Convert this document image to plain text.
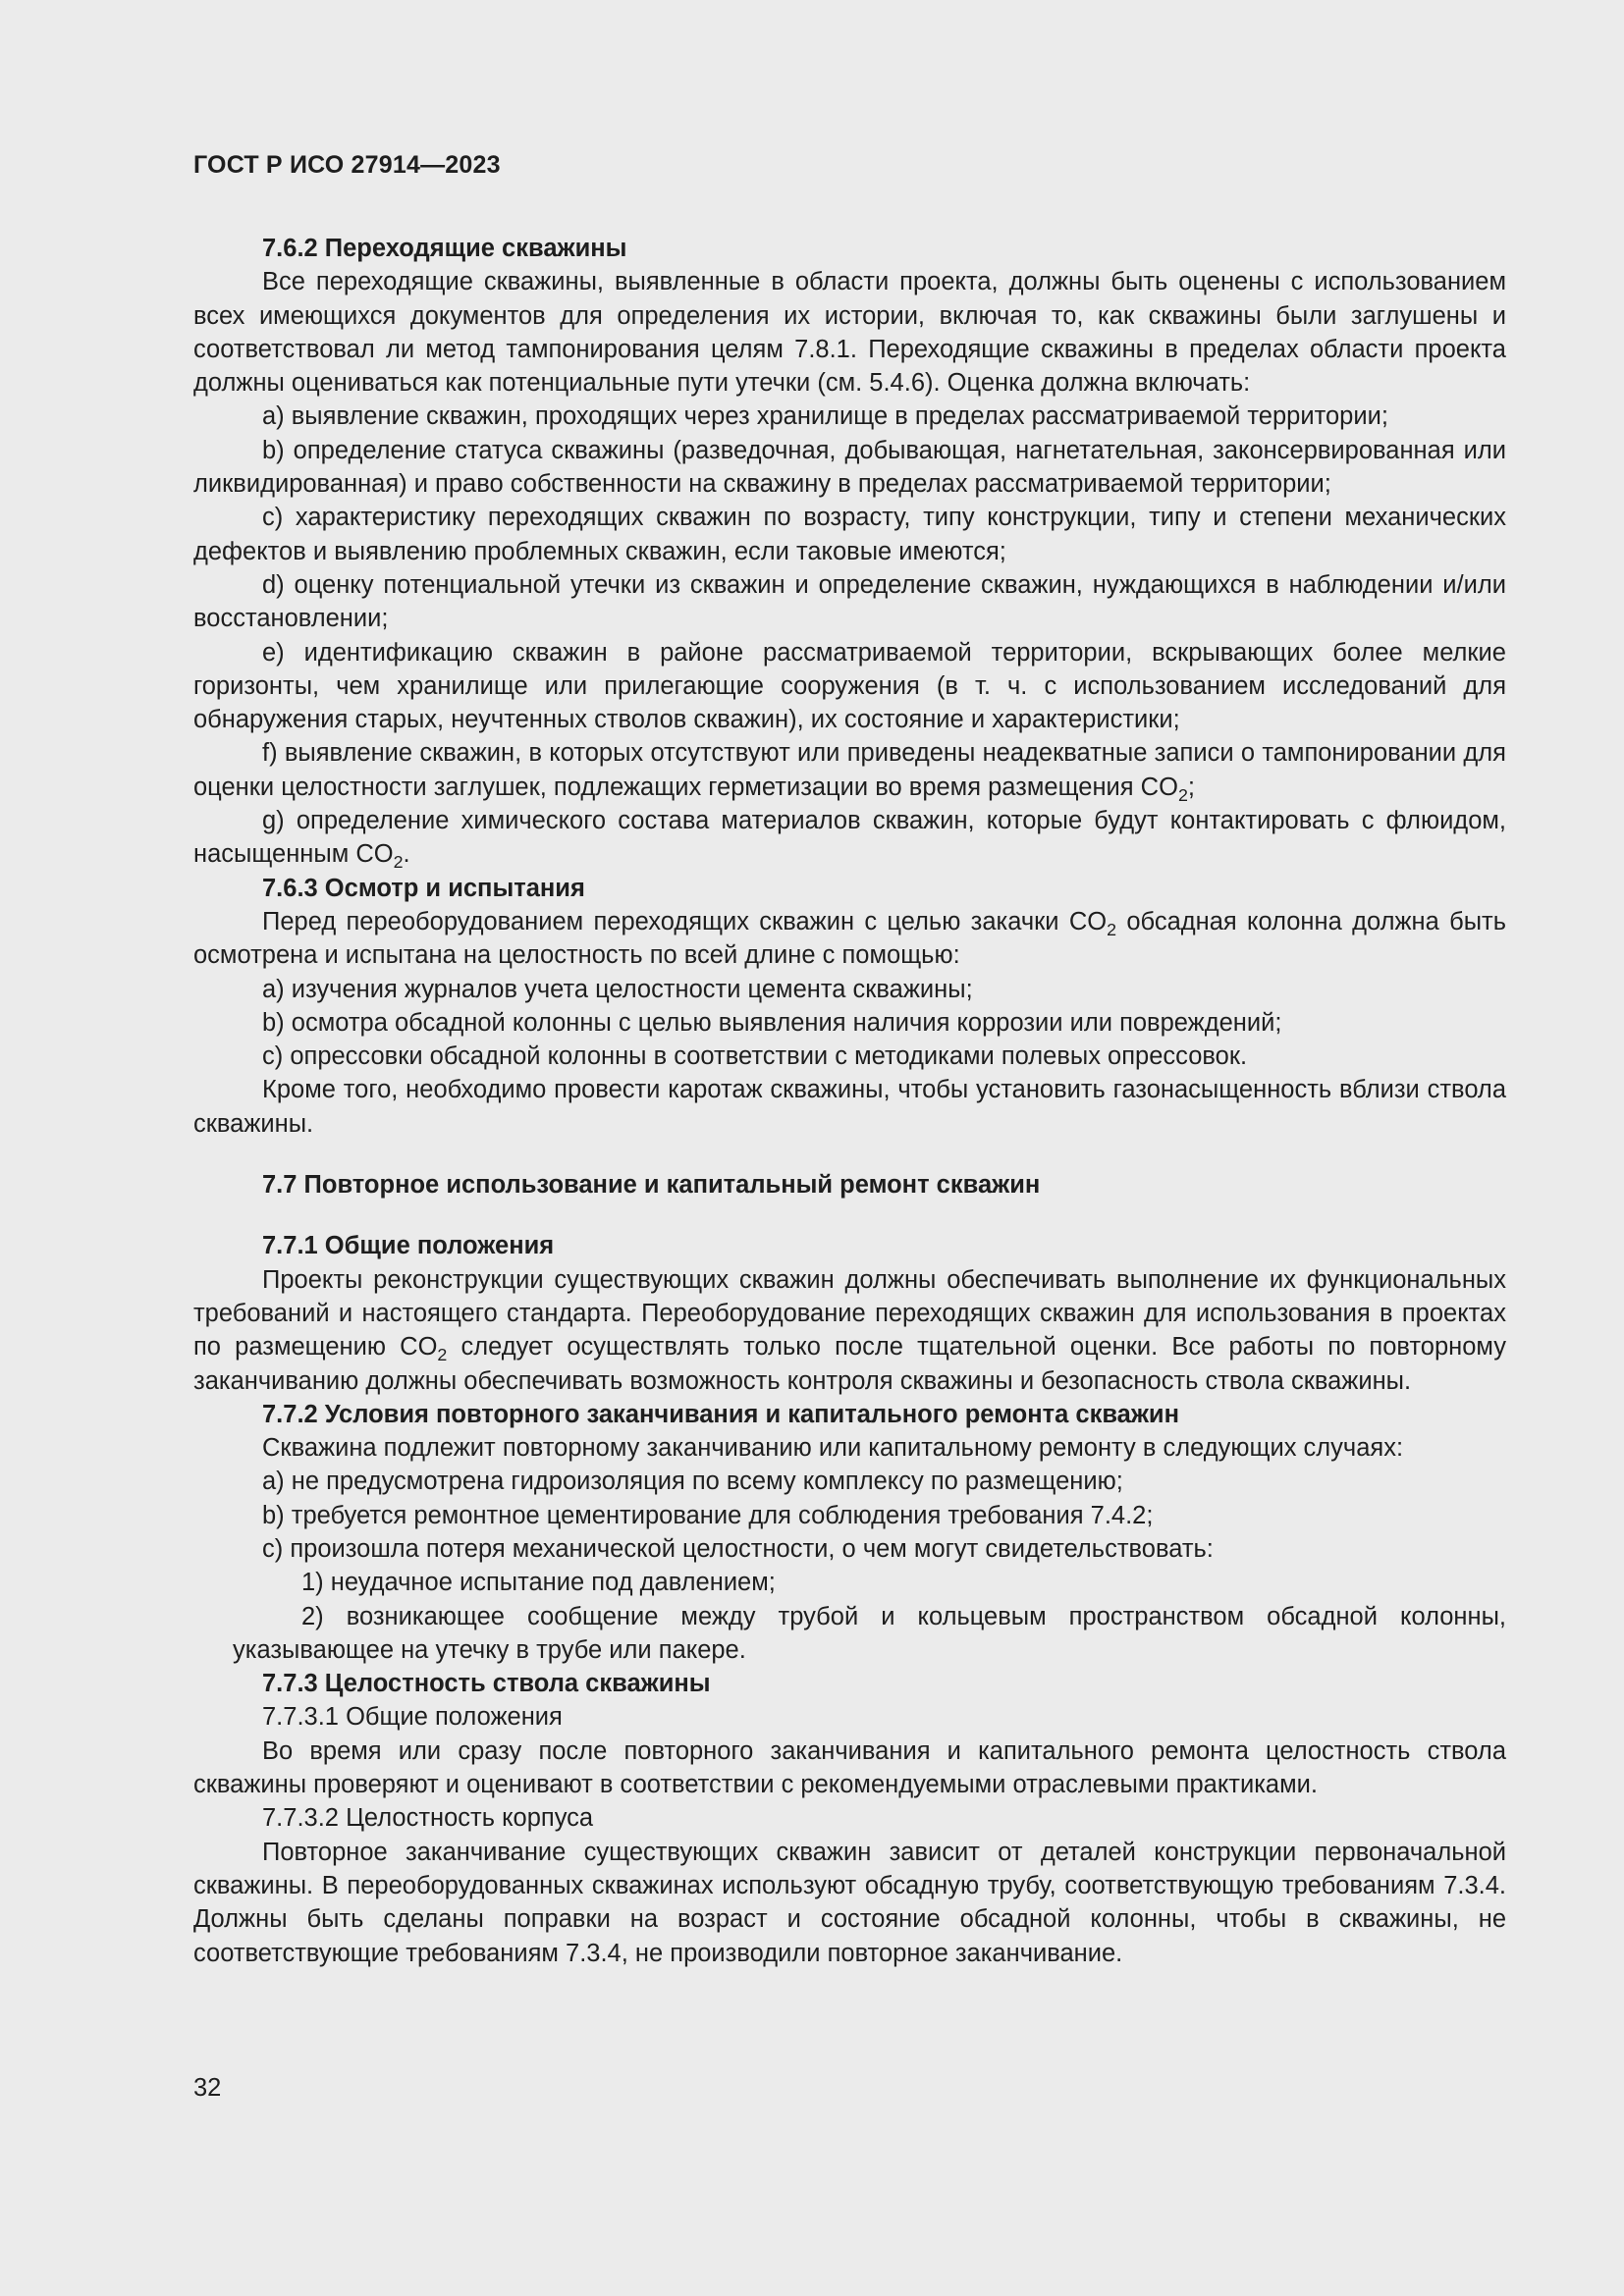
ГОСТ Р ИСО 27914—2023

7.6.2 Переходящие скважины

Все переходящие скважины, выявленные в области проекта, должны быть оценены с использованием всех имеющихся документов для определения их истории, включая то, как скважины были заглушены и соответствовал ли метод тампонирования целям 7.8.1. Переходящие скважины в пределах области проекта должны оцениваться как потенциальные пути утечки (см. 5.4.6). Оценка должна включать:

а) выявление скважин, проходящих через хранилище в пределах рассматриваемой территории;

b) определение статуса скважины (разведочная, добывающая, нагнетательная, законсервированная или ликвидированная) и право собственности на скважину в пределах рассматриваемой территории;

с) характеристику переходящих скважин по возрасту, типу конструкции, типу и степени механических дефектов и выявлению проблемных скважин, если таковые имеются;

d) оценку потенциальной утечки из скважин и определение скважин, нуждающихся в наблюдении и/или восстановлении;

е) идентификацию скважин в районе рассматриваемой территории, вскрывающих более мелкие горизонты, чем хранилище или прилегающие сооружения (в т. ч. с использованием исследований для обнаружения старых, неучтенных стволов скважин), их состояние и характеристики;

f) выявление скважин, в которых отсутствуют или приведены неадекватные записи о тампонировании для оценки целостности заглушек, подлежащих герметизации во время размещения $CO_2$;

g) определение химического состава материалов скважин, которые будут контактировать с флюидом, насыщенным $CO_2$.

7.6.3 Осмотр и испытания

Перед переоборудованием переходящих скважин с целью закачки $CO_2$ обсадная колонна должна быть осмотрена и испытана на целостность по всей длине с помощью:

а) изучения журналов учета целостности цемента скважины;

b) осмотра обсадной колонны с целью выявления наличия коррозии или повреждений;

с) опрессовки обсадной колонны в соответствии с методиками полевых опрессовок.

Кроме того, необходимо провести каротаж скважины, чтобы установить газонасыщенность вблизи ствола скважины.

7.7 Повторное использование и капитальный ремонт скважин

7.7.1 Общие положения

Проекты реконструкции существующих скважин должны обеспечивать выполнение их функциональных требований и настоящего стандарта. Переоборудование переходящих скважин для использования в проектах по размещению $CO_2$ следует осуществлять только после тщательной оценки. Все работы по повторному заканчиванию должны обеспечивать возможность контроля скважины и безопасность ствола скважины.

7.7.2 Условия повторного заканчивания и капитального ремонта скважин

Скважина подлежит повторному заканчиванию или капитальному ремонту в следующих случаях:

а) не предусмотрена гидроизоляция по всему комплексу по размещению;

b) требуется ремонтное цементирование для соблюдения требования 7.4.2;

с) произошла потеря механической целостности, о чем могут свидетельствовать:

1) неудачное испытание под давлением;

2) возникающее сообщение между трубой и кольцевым пространством обсадной колонны, указывающее на утечку в трубе или пакере.

7.7.3 Целостность ствола скважины

7.7.3.1 Общие положения

Во время или сразу после повторного заканчивания и капитального ремонта целостность ствола скважины проверяют и оценивают в соответствии с рекомендуемыми отраслевыми практиками.

7.7.3.2 Целостность корпуса

Повторное заканчивание существующих скважин зависит от деталей конструкции первоначальной скважины. В переоборудованных скважинах используют обсадную трубу, соответствующую требованиям 7.3.4. Должны быть сделаны поправки на возраст и состояние обсадной колонны, чтобы в скважины, не соответствующие требованиям 7.3.4, не производили повторное заканчивание.

32
